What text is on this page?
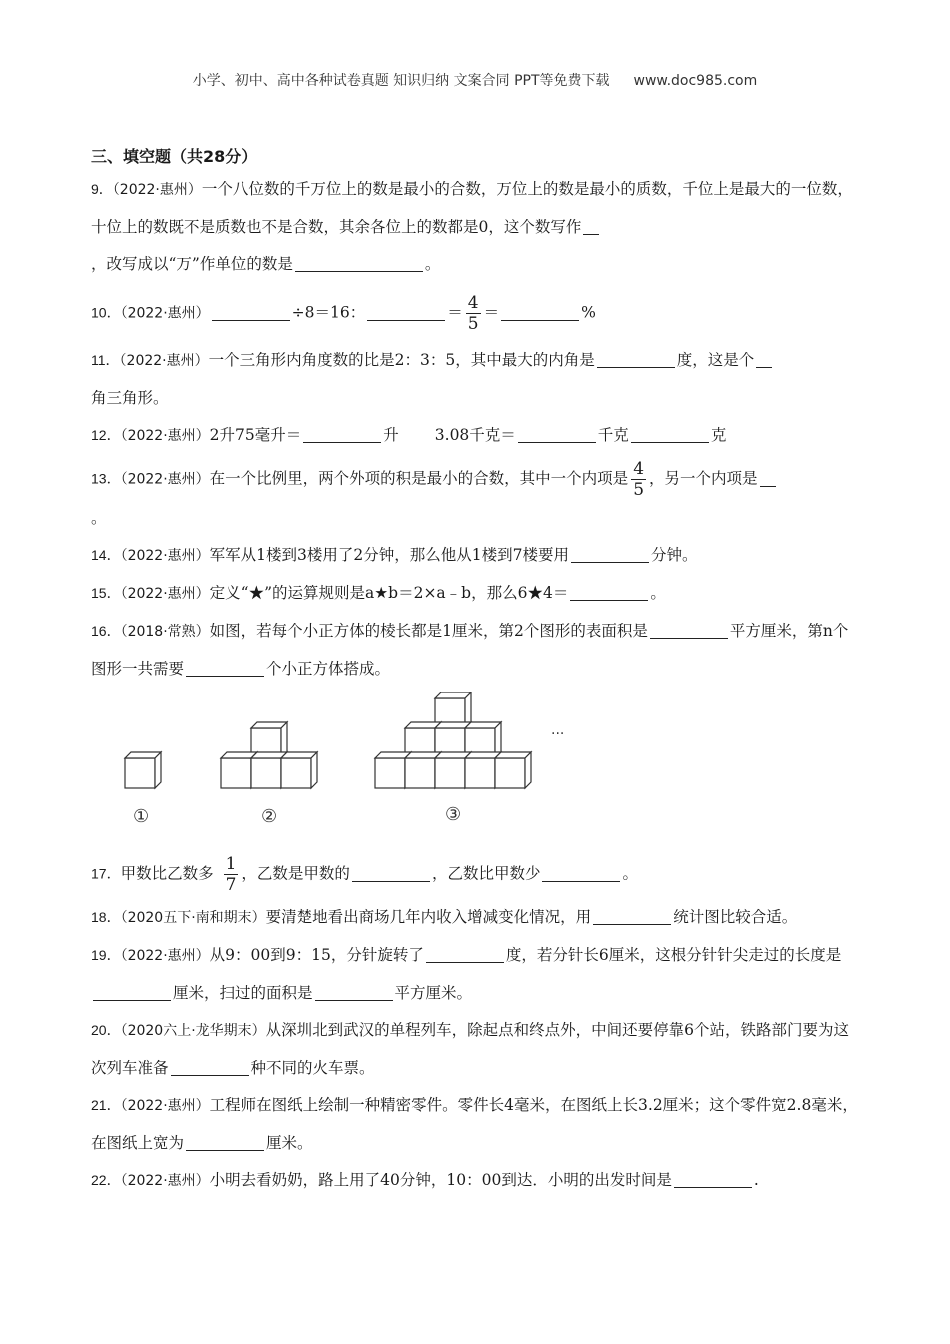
小学、初中、高中各种试卷真题 知识归纳 文案合同 PPT等免费下载 www.doc985.com
三、填空题（共28分）
9．（2022·惠州）一个八位数的千万位上的数是最小的合数，万位上的数是最小的质数，千位上是最大的一位数，十位上的数既不是质数也不是合数，其余各位上的数都是0，这个数写作
，改写成以“万”作单位的数是	。
10．（2022·惠州）	÷8＝16：	＝ $\frac{4}{5}$ ＝	%
11．（2022·惠州）一个三角形内角度数的比是2：3：5，其中最大的内角是	度，这是个
角三角形。
12．（2022·惠州）2升75毫升＝	升 3.08千克＝	千克	克
13．（2022·惠州）在一个比例里，两个外项的积是最小的合数，其中一个内项是 $\frac{4}{5}$ ，另一个内项是
。
14．（2022·惠州）军军从1楼到3楼用了2分钟，那么他从1楼到7楼要用	分钟。
15．（2022·惠州）定义“★”的运算规则是a★b＝2×a﹣b，那么6★4＝	。
16．（2018·常熟）如图，若每个小正方体的棱长都是1厘米，第2个图形的表面积是	平方厘米，第n个图形一共需要	个小正方体搭成。
···
①	②	③
17．甲数比乙数多 $\frac{1}{7}$ ，乙数是甲数的	，乙数比甲数少	。
18．（2020五下·南和期末）要清楚地看出商场几年内收入增减变化情况，用	统计图比较合适。
19．（2022·惠州）从9：00到9：15，分针旋转了	度，若分针长6厘米，这根分针针尖走过的长度是厘米，扫过的面积是	平方厘米。
20．（2020六上·龙华期末）从深圳北到武汉的单程列车，除起点和终点外，中间还要停靠6个站，铁路部门要为这次列车准备	种不同的火车票。
21．（2022·惠州）工程师在图纸上绘制一种精密零件。零件长4毫米，在图纸上长3.2厘米；这个零件宽2.8毫米，在图纸上宽为	厘米。
22．（2022·惠州）小明去看奶奶，路上用了40分钟，10：00到达．小明的出发时间是	.
